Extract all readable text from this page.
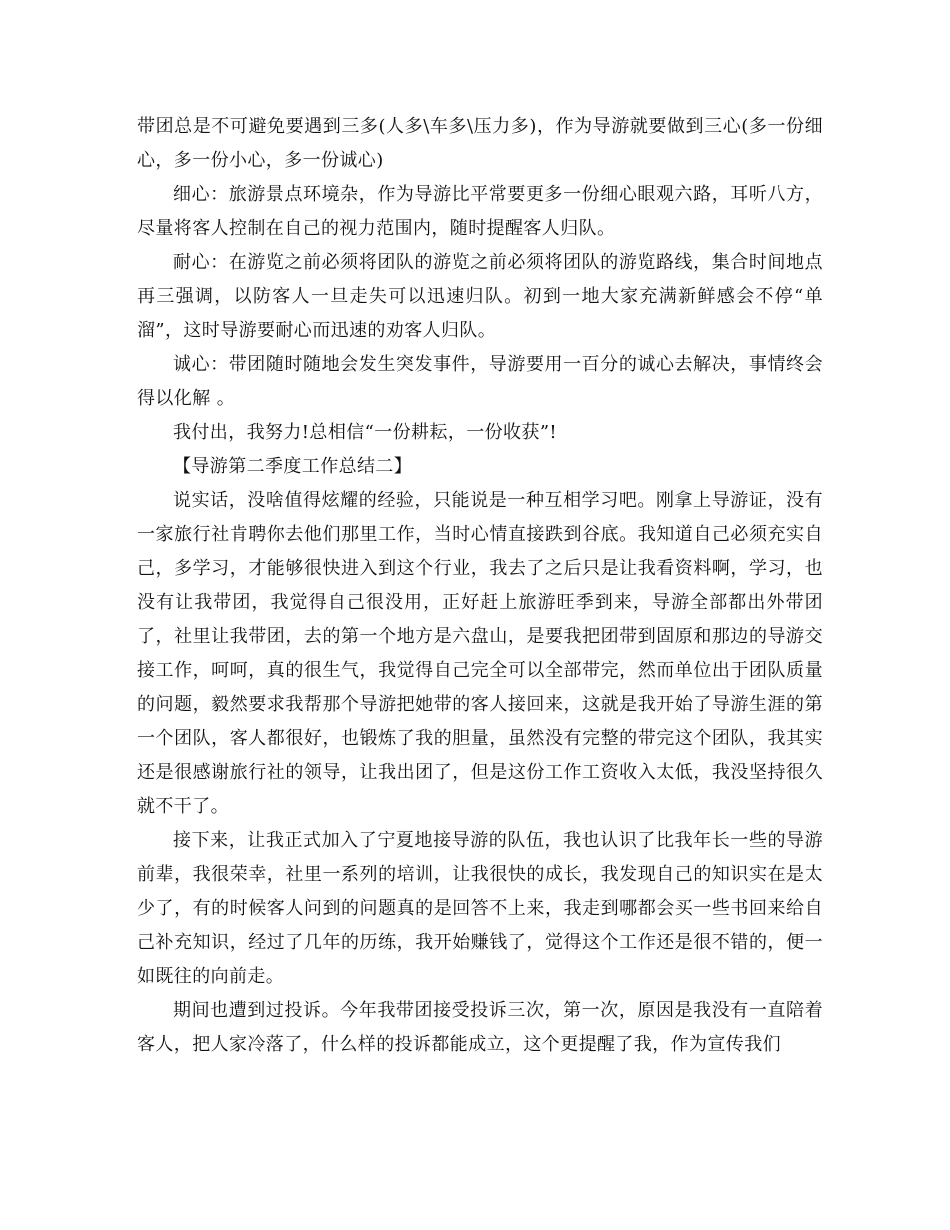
带团总是不可避免要遇到三多(人多\车多\压力多)，作为导游就要做到三心(多一份细心，多一份小心，多一份诚心)

细心：旅游景点环境杂，作为导游比平常要更多一份细心眼观六路，耳听八方，尽量将客人控制在自己的视力范围内，随时提醒客人归队。

耐心：在游览之前必须将团队的游览之前必须将团队的游览路线，集合时间地点再三强调，以防客人一旦走失可以迅速归队。初到一地大家充满新鲜感会不停“单溜”，这时导游要耐心而迅速的劝客人归队。

诚心：带团随时随地会发生突发事件，导游要用一百分的诚心去解决，事情终会得以化解 。

我付出，我努力!总相信“一份耕耘，一份收获”!

【导游第二季度工作总结二】

说实话，没啥值得炫耀的经验，只能说是一种互相学习吧。刚拿上导游证，没有一家旅行社肯聘你去他们那里工作，当时心情直接跌到谷底。我知道自己必须充实自己，多学习，才能够很快进入到这个行业，我去了之后只是让我看资料啊，学习，也没有让我带团，我觉得自己很没用，正好赶上旅游旺季到来，导游全部都出外带团了，社里让我带团，去的第一个地方是六盘山，是要我把团带到固原和那边的导游交接工作，呵呵，真的很生气，我觉得自己完全可以全部带完，然而单位出于团队质量的问题，毅然要求我帮那个导游把她带的客人接回来，这就是我开始了导游生涯的第一个团队，客人都很好，也锻炼了我的胆量，虽然没有完整的带完这个团队，我其实还是很感谢旅行社的领导，让我出团了，但是这份工作工资收入太低，我没坚持很久就不干了。

接下来，让我正式加入了宁夏地接导游的队伍，我也认识了比我年长一些的导游前辈，我很荣幸，社里一系列的培训，让我很快的成长，我发现自己的知识实在是太少了，有的时候客人问到的问题真的是回答不上来，我走到哪都会买一些书回来给自己补充知识，经过了几年的历练，我开始赚钱了，觉得这个工作还是很不错的，便一如既往的向前走。

期间也遭到过投诉。今年我带团接受投诉三次，第一次，原因是我没有一直陪着客人，把人家冷落了，什么样的投诉都能成立，这个更提醒了我，作为宣传我们
